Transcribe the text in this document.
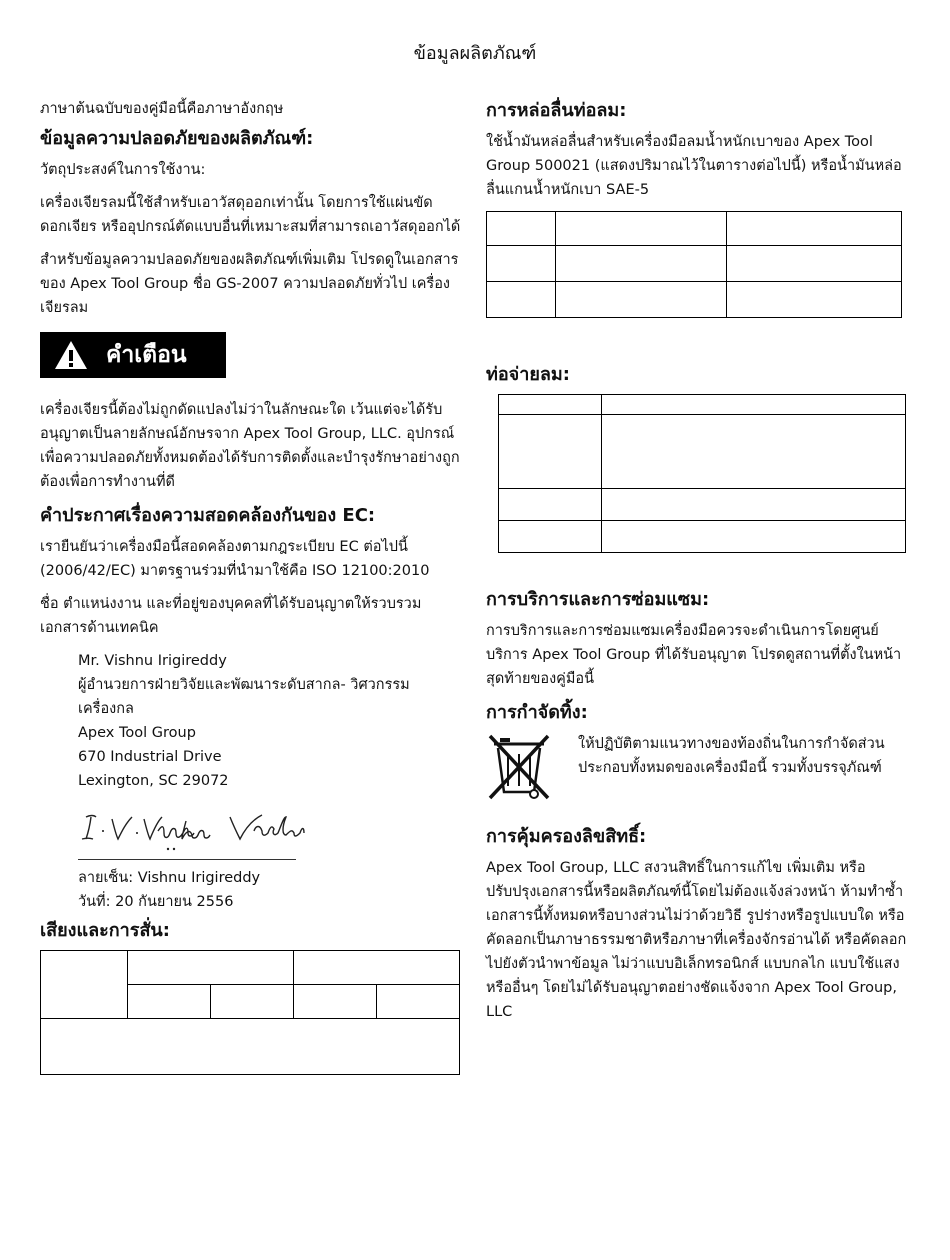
ข้อมูลผลิตภัณฑ์

ภาษาต้นฉบับของคู่มือนี้คือภาษาอังกฤษ

ข้อมูลความปลอดภัยของผลิตภัณฑ์:

วัตถุประสงค์ในการใช้งาน:

เครื่องเจียรลมนี้ใช้สำหรับเอาวัสดุออกเท่านั้น โดยการใช้แผ่นขัด ดอกเจียร หรืออุปกรณ์ตัดแบบอื่นที่เหมาะสมที่สามารถเอาวัสดุออกได้

สำหรับข้อมูลความปลอดภัยของผลิตภัณฑ์เพิ่มเติม โปรดดูในเอกสารของ Apex Tool Group ชื่อ GS-2007 ความปลอดภัยทั่วไป เครื่องเจียรลม

คำเตือน

เครื่องเจียรนี้ต้องไม่ถูกดัดแปลงไม่ว่าในลักษณะใด เว้นแต่จะได้รับอนุญาตเป็นลายลักษณ์อักษรจาก Apex Tool Group, LLC. อุปกรณ์เพื่อความปลอดภัยทั้งหมดต้องได้รับการติดตั้งและบำรุงรักษาอย่างถูกต้องเพื่อการทำงานที่ดี

คำประกาศเรื่องความสอดคล้องกันของ EC:

เรายืนยันว่าเครื่องมือนี้สอดคล้องตามกฎระเบียบ EC ต่อไปนี้ (2006/42/EC) มาตรฐานร่วมที่นำมาใช้คือ ISO 12100:2010

ชื่อ ตำแหน่งงาน และที่อยู่ของบุคคลที่ได้รับอนุญาตให้รวบรวมเอกสารด้านเทคนิค

Mr. Vishnu Irigireddy
ผู้อำนวยการฝ่ายวิจัยและพัฒนาระดับสากล- วิศวกรรมเครื่องกล
Apex Tool Group
670 Industrial Drive
Lexington, SC 29072
ลายเซ็น: Vishnu Irigireddy
วันที่: 20 กันยายน 2556
เสียงและการสั่น:

การหล่อลื่นท่อลม:

ใช้น้ำมันหล่อลื่นสำหรับเครื่องมือลมน้ำหนักเบาของ Apex Tool Group 500021 (แสดงปริมาณไว้ในตารางต่อไปนี้) หรือน้ำมันหล่อลื่นแกนน้ำหนักเบา SAE-5

ท่อจ่ายลม:

การบริการและการซ่อมแซม:

การบริการและการซ่อมแซมเครื่องมือควรจะดำเนินการโดยศูนย์บริการ Apex Tool Group ที่ได้รับอนุญาต โปรดดูสถานที่ตั้งในหน้าสุดท้ายของคู่มือนี้

การกำจัดทิ้ง:
ให้ปฏิบัติตามแนวทางของท้องถิ่นในการกำจัดส่วนประกอบทั้งหมดของเครื่องมือนี้ รวมทั้งบรรจุภัณฑ์
การคุ้มครองลิขสิทธิ์:

Apex Tool Group, LLC สงวนสิทธิ์ในการแก้ไข เพิ่มเติม หรือปรับปรุงเอกสารนี้หรือผลิตภัณฑ์นี้โดยไม่ต้องแจ้งล่วงหน้า ห้ามทำซ้ำเอกสารนี้ทั้งหมดหรือบางส่วนไม่ว่าด้วยวิธี รูปร่างหรือรูปแบบใด หรือคัดลอกเป็นภาษาธรรมชาติหรือภาษาที่เครื่องจักรอ่านได้ หรือคัดลอกไปยังตัวนำพาข้อมูล ไม่ว่าแบบอิเล็กทรอนิกส์ แบบกลไก แบบใช้แสง หรืออื่นๆ โดยไม่ได้รับอนุญาตอย่างชัดแจ้งจาก Apex Tool Group, LLC
